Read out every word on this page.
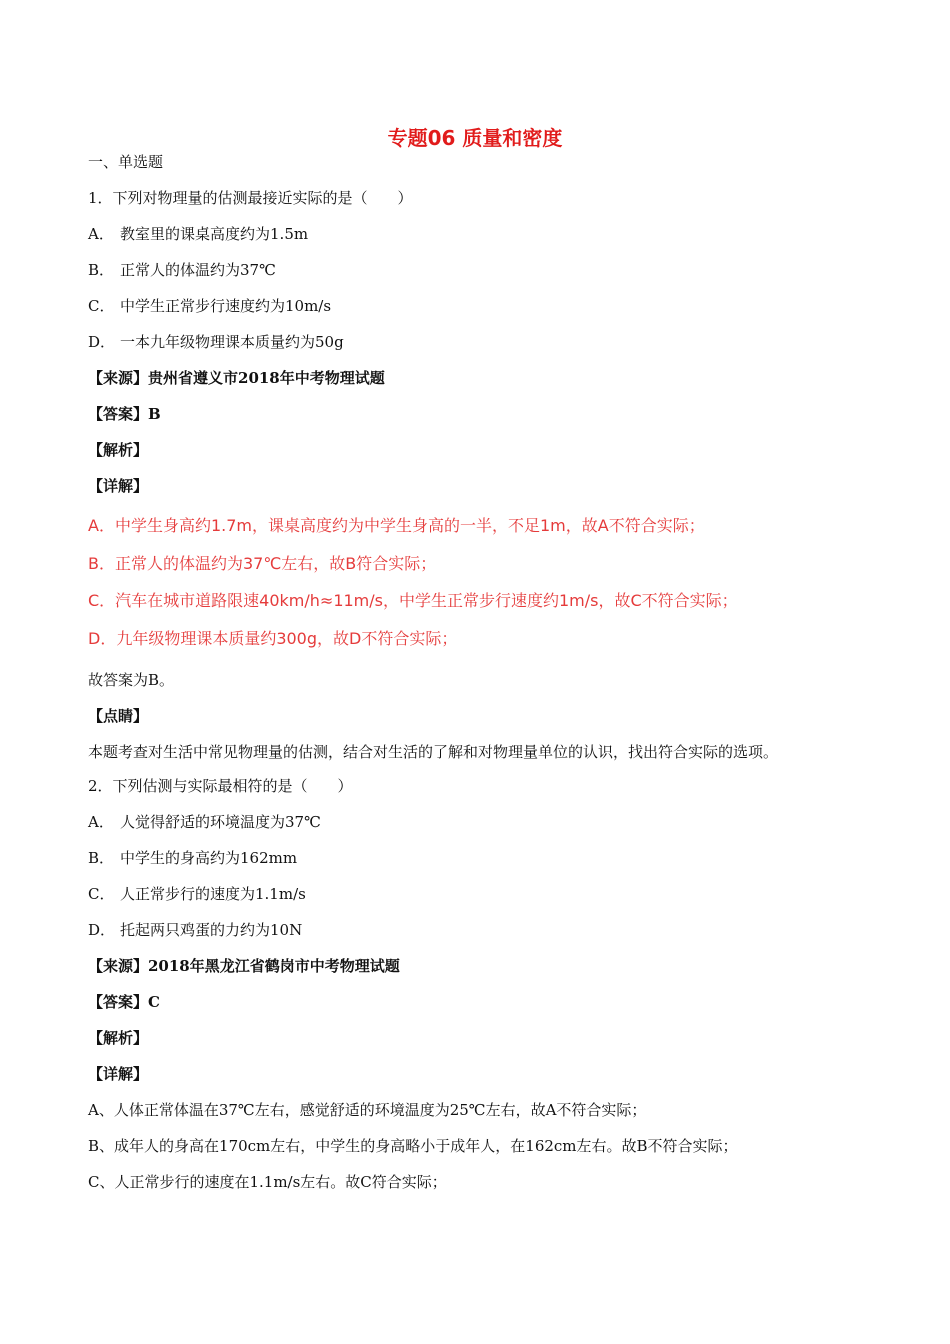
专题06 质量和密度
一、单选题
1．下列对物理量的估测最接近实际的是（　　）
A． 教室里的课桌高度约为1.5m
B． 正常人的体温约为37℃
C． 中学生正常步行速度约为10m/s
D． 一本九年级物理课本质量约为50g
【来源】贵州省遵义市2018年中考物理试题
【答案】B
【解析】
【详解】
A．中学生身高约1.7m，课桌高度约为中学生身高的一半，不足1m，故A不符合实际；
B．正常人的体温约为37℃左右，故B符合实际；
C．汽车在城市道路限速40km/h≈11m/s，中学生正常步行速度约1m/s，故C不符合实际；
D．九年级物理课本质量约300g，故D不符合实际；
故答案为B。
【点睛】
本题考查对生活中常见物理量的估测，结合对生活的了解和对物理量单位的认识，找出符合实际的选项。
2．下列估测与实际最相符的是（　　）
A． 人觉得舒适的环境温度为37℃
B． 中学生的身高约为162mm
C． 人正常步行的速度为1.1m/s
D． 托起两只鸡蛋的力约为10N
【来源】2018年黑龙江省鹤岗市中考物理试题
【答案】C
【解析】
【详解】
A、人体正常体温在37℃左右，感觉舒适的环境温度为25℃左右，故A不符合实际；
B、成年人的身高在170cm左右，中学生的身高略小于成年人，在162cm左右。故B不符合实际；
C、人正常步行的速度在1.1m/s左右。故C符合实际；
